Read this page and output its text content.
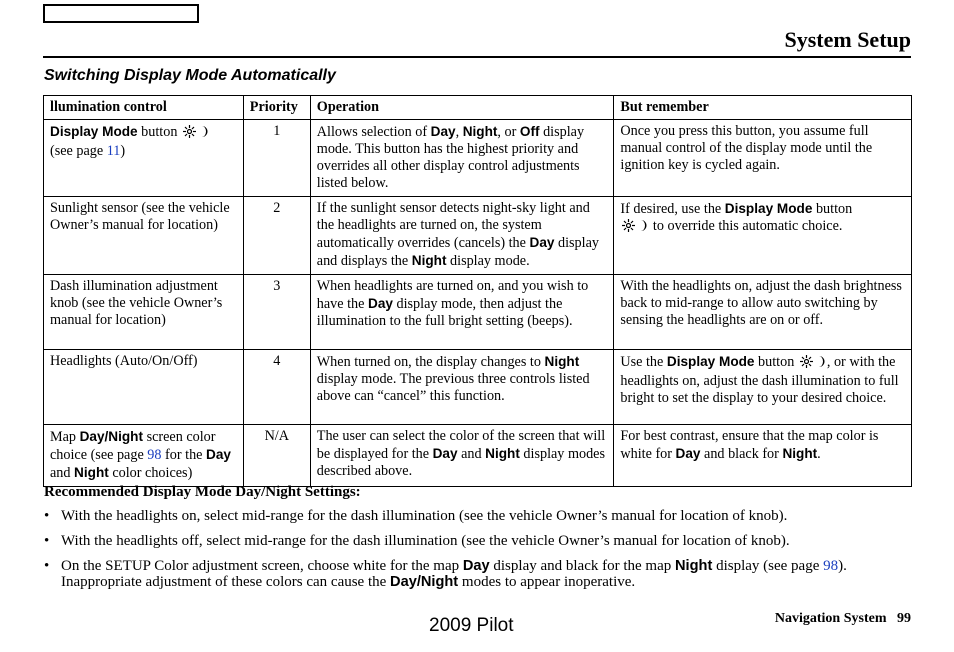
System Setup
Switching Display Mode Automatically
llumination control	Priority	Operation	But remember
Display Mode button
(see page 11)	1	Allows selection of Day, Night, or Off display mode. This button has the highest priority and overrides all other display control adjustments listed below.	Once you press this button, you assume full manual control of the display mode until the ignition key is cycled again.
Sunlight sensor (see the vehicle Owner’s manual for location)	2	If the sunlight sensor detects night-sky light and the headlights are turned on, the system automatically overrides (cancels) the Day display and displays the Night display mode.	If desired, use the Display Mode button
to override this automatic choice.
Dash illumination adjustment knob (see the vehicle Owner’s manual for location)	3	When headlights are turned on, and you wish to have the Day display mode, then adjust the illumination to the full bright setting (beeps).	With the headlights on, adjust the dash brightness back to mid-range to allow auto switching by sensing the headlights are on or off.
Headlights (Auto/On/Off)	4	When turned on, the display changes to Night display mode. The previous three controls listed above can “cancel” this function.	Use the Display Mode button , or with the headlights on, adjust the dash illumination to full bright to set the display to your desired choice.
Map Day/Night screen color choice (see page 98 for the Day and Night color choices)	N/A	The user can select the color of the screen that will be displayed for the Day and Night display modes described above.	For best contrast, ensure that the map color is white for Day and black for Night.
Recommended Display Mode Day/Night Settings:
• With the headlights on, select mid-range for the dash illumination (see the vehicle Owner’s manual for location of knob).
• With the headlights off, select mid-range for the dash illumination (see the vehicle Owner’s manual for location of knob).
• On the SETUP Color adjustment screen, choose white for the map Day display and black for the map Night display (see page 98). Inappropriate adjustment of these colors can cause the Day/Night modes to appear inoperative.
2009 Pilot	Navigation System 99
